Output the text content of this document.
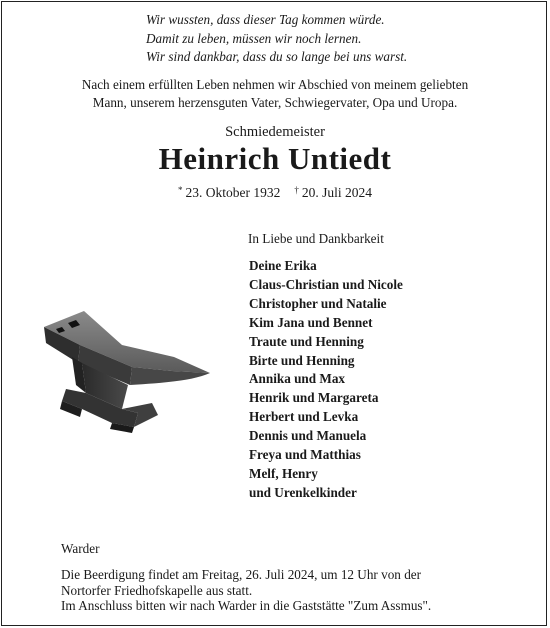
Wir wussten, dass dieser Tag kommen würde.
Damit zu leben, müssen wir noch lernen.
Wir sind dankbar, dass du so lange bei uns warst.
Nach einem erfüllten Leben nehmen wir Abschied von meinem geliebten
Mann, unserem herzensguten Vater, Schwiegervater, Opa und Uropa.
Schmiedemeister
Heinrich Untiedt
* 23. Oktober 1932 † 20. Juli 2024
In Liebe und Dankbarkeit
Deine Erika
Claus-Christian und Nicole
Christopher und Natalie
Kim Jana und Bennet
Traute und Henning
Birte und Henning
Annika und Max
Henrik und Margareta
Herbert und Levka
Dennis und Manuela
Freya und Matthias
Melf, Henry
und Urenkelkinder
Warder
Die Beerdigung findet am Freitag, 26. Juli 2024, um 12 Uhr von der
Nortorfer Friedhofskapelle aus statt.
Im Anschluss bitten wir nach Warder in die Gaststätte "Zum Assmus".
